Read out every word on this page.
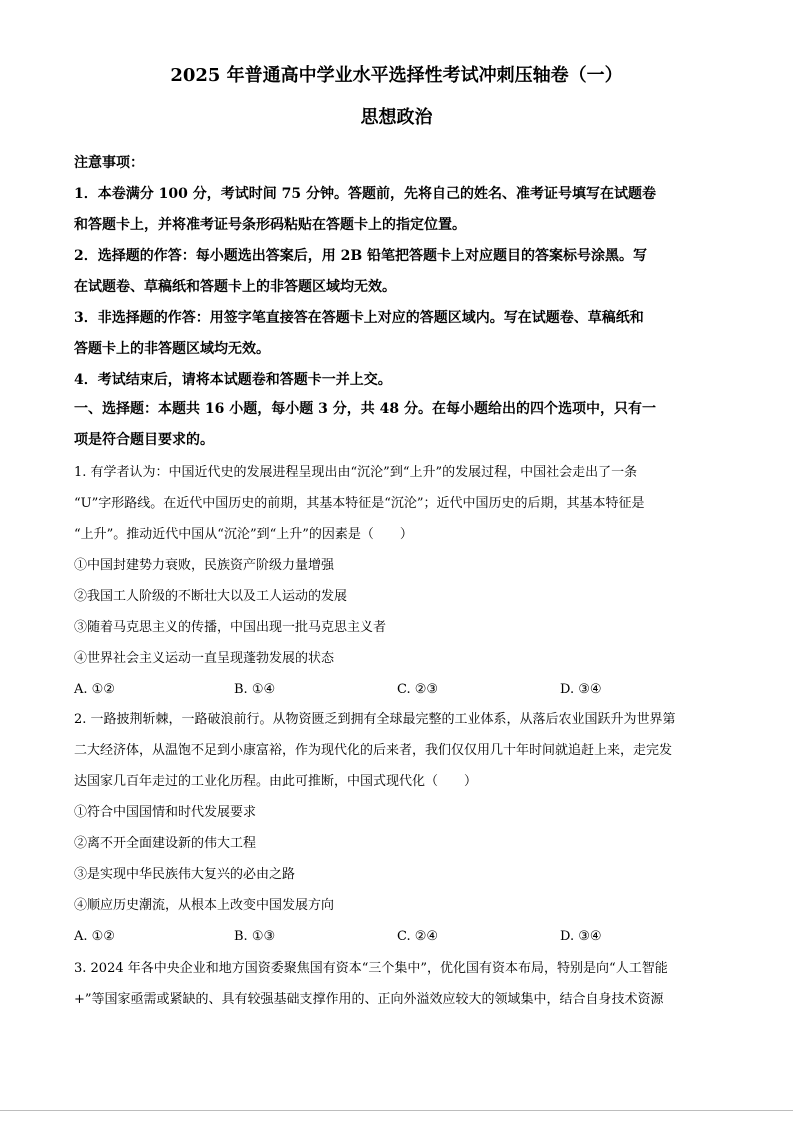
2025 年普通高中学业水平选择性考试冲刺压轴卷（一）
思想政治
注意事项：
1．本卷满分 100 分，考试时间 75 分钟。答题前，先将自己的姓名、准考证号填写在试题卷
和答题卡上，并将准考证号条形码粘贴在答题卡上的指定位置。
2．选择题的作答：每小题选出答案后，用 2B 铅笔把答题卡上对应题目的答案标号涂黑。写
在试题卷、草稿纸和答题卡上的非答题区域均无效。
3．非选择题的作答：用签字笔直接答在答题卡上对应的答题区域内。写在试题卷、草稿纸和
答题卡上的非答题区域均无效。
4．考试结束后，请将本试题卷和答题卡一并上交。
一、选择题：本题共 16 小题，每小题 3 分，共 48 分。在每小题给出的四个选项中，只有一
项是符合题目要求的。
1. 有学者认为：中国近代史的发展进程呈现出由“沉沦”到“上升”的发展过程，中国社会走出了一条
“U”字形路线。在近代中国历史的前期，其基本特征是“沉沦”；近代中国历史的后期，其基本特征是
“上升”。推动近代中国从“沉沦”到“上升”的因素是（　　）
①中国封建势力衰败，民族资产阶级力量增强
②我国工人阶级的不断壮大以及工人运动的发展
③随着马克思主义的传播，中国出现一批马克思主义者
④世界社会主义运动一直呈现蓬勃发展的状态
A. ①②	B. ①④	C. ②③	D. ③④
2. 一路披荆斩棘，一路破浪前行。从物资匮乏到拥有全球最完整的工业体系，从落后农业国跃升为世界第
二大经济体，从温饱不足到小康富裕，作为现代化的后来者，我们仅仅用几十年时间就追赶上来，走完发
达国家几百年走过的工业化历程。由此可推断，中国式现代化（　　）
①符合中国国情和时代发展要求
②离不开全面建设新的伟大工程
③是实现中华民族伟大复兴的必由之路
④顺应历史潮流，从根本上改变中国发展方向
A. ①②	B. ①③	C. ②④	D. ③④
3. 2024 年各中央企业和地方国资委聚焦国有资本“三个集中”，优化国有资本布局，特别是向“人工智能
+”等国家亟需或紧缺的、具有较强基础支撑作用的、正向外溢效应较大的领域集中，结合自身技术资源
